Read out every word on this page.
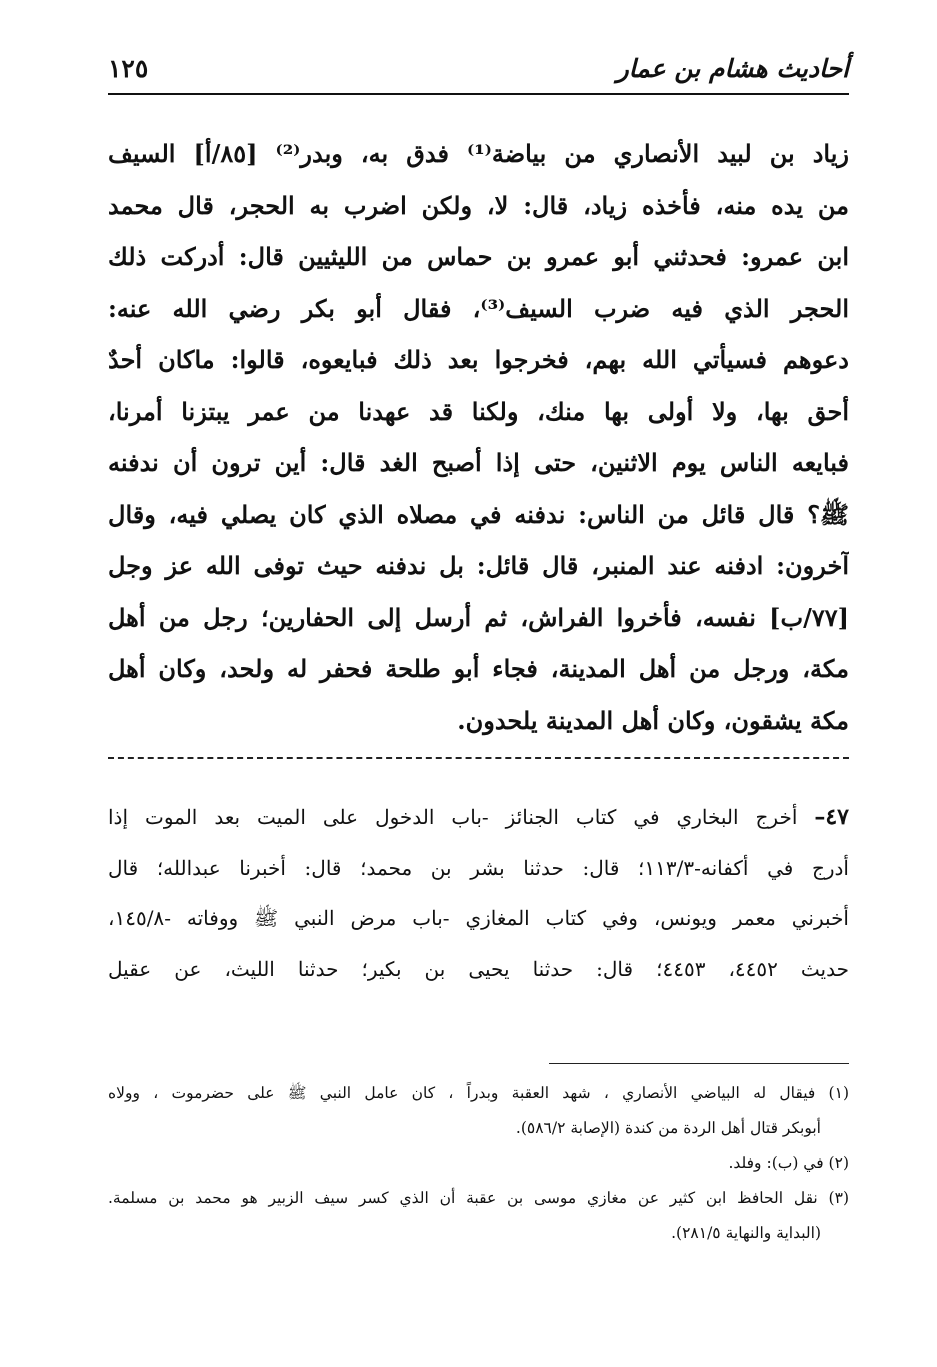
أحاديث هشام بن عمار
١٢٥
زياد بن لبيد الأنصاري من بياضة⁽¹⁾ فدق به، وبدر⁽²⁾ [٨٥/أ] السيف
من يده منه، فأخذه زياد، قال: لا، ولكن اضرب به الحجر، قال محمد
ابن عمرو: فحدثني أبو عمرو بن حماس من الليثيين قال: أدركت ذلك
الحجر الذي فيه ضرب السيف⁽³⁾، فقال أبو بكر رضي الله عنه:
دعوهم فسيأتي الله بهم، فخرجوا بعد ذلك فبايعوه، قالوا: ماكان أحدٌ
أحق بها، ولا أولى بها منك، ولكنا قد عهدنا من عمر يبتزنا أمرنا،
فبايعه الناس يوم الاثنين، حتى إذا أصبح الغد قال: أين ترون أن ندفنه
ﷺ؟ قال قائل من الناس: ندفنه في مصلاه الذي كان يصلي فيه، وقال
آخرون: ادفنه عند المنبر، قال قائل: بل ندفنه حيث توفى الله عز وجل
[٧٧/ب] نفسه، فأخروا الفراش، ثم أرسل إلى الحفارين؛ رجل من أهل
مكة، ورجل من أهل المدينة، فجاء أبو طلحة فحفر له ولحد، وكان أهل
مكة يشقون، وكان أهل المدينة يلحدون.
٤٧– أخرج البخاري في كتاب الجنائز -باب الدخول على الميت بعد الموت إذا
أدرج في أكفانه-١١٣/٣؛ قال: حدثنا بشر بن محمد؛ قال: أخبرنا عبدالله؛ قال
أخبرني معمر ويونس، وفي كتاب المغازي -باب مرض النبي ﷺ ووفاته -١٤٥/٨،
حديث ٤٤٥٢، ٤٤٥٣؛ قال: حدثنا يحيى بن بكير؛ حدثنا الليث، عن عقيل
(١) فيقال له البياضي الأنصاري ، شهد العقبة وبدراً ، كان عامل النبي ﷺ على حضرموت ، وولاه
أبوبكر قتال أهل الردة من كندة (الإصابة ٥٨٦/٢).
(٢) في (ب): وفلد.
(٣) نقل الحافظ ابن كثير عن مغازي موسى بن عقبة أن الذي كسر سيف الزبير هو محمد بن مسلمة.
(البداية والنهاية ٢٨١/٥).
